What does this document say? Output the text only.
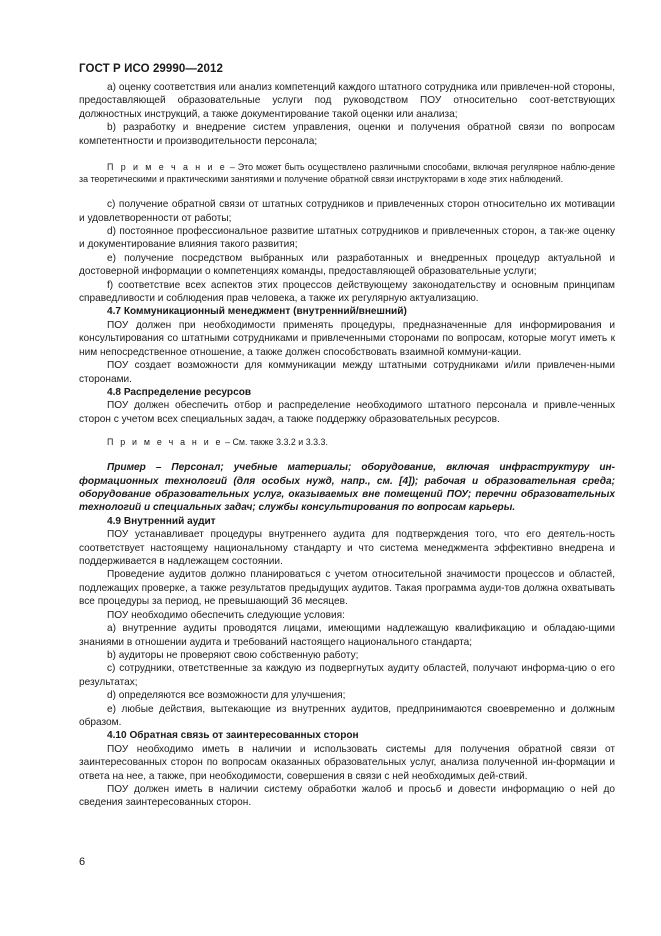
ГОСТ Р ИСО 29990—2012

a) оценку соответствия или анализ компетенций каждого штатного сотрудника или привлечен-ной стороны, предоставляющей образовательные услуги под руководством ПОУ относительно соот-ветствующих должностных инструкций, а также документирование такой оценки или анализа;

b) разработку и внедрение систем управления, оценки и получения обратной связи по вопросам компетентности и производительности персонала;

П р и м е ч а н и е – Это может быть осуществлено различными способами, включая регулярное наблю-дение за теоретическими и практическими занятиями и получение обратной связи инструкторами в ходе этих наблюдений.

c) получение обратной связи от штатных сотрудников и привлеченных сторон относительно их мотивации и удовлетворенности от работы;

d) постоянное профессиональное развитие штатных сотрудников и привлеченных сторон, а так-же оценку и документирование влияния такого развития;

e) получение посредством выбранных или разработанных и внедренных процедур актуальной и достоверной информации о компетенциях команды, предоставляющей образовательные услуги;

f) соответствие всех аспектов этих процессов действующему законодательству и основным принципам справедливости и соблюдения прав человека, а также их регулярную актуализацию.

4.7 Коммуникационный менеджмент (внутренний/внешний)

ПОУ должен при необходимости применять процедуры, предназначенные для информирования и консультирования со штатными сотрудниками и привлеченными сторонами по вопросам, которые могут иметь к ним непосредственное отношение, а также должен способствовать взаимной коммуни-кации.

ПОУ создает возможности для коммуникации между штатными сотрудниками и/или привлечен-ными сторонами.

4.8 Распределение ресурсов

ПОУ должен обеспечить отбор и распределение необходимого штатного персонала и привле-ченных сторон с учетом всех специальных задач, а также поддержку образовательных ресурсов.

П р и м е ч а н и е – См. также 3.3.2 и 3.3.3.

Пример – Персонал; учебные материалы; оборудование, включая инфраструктуру ин-формационных технологий (для особых нужд, напр., см. [4]); рабочая и образовательная среда; оборудование образовательных услуг, оказываемых вне помещений ПОУ; перечни образовательных технологий и специальных задач; службы консультирования по вопросам карьеры.

4.9 Внутренний аудит

ПОУ устанавливает процедуры внутреннего аудита для подтверждения того, что его деятель-ность соответствует настоящему национальному стандарту и что система менеджмента эффективно внедрена и поддерживается в надлежащем состоянии.

Проведение аудитов должно планироваться с учетом относительной значимости процессов и областей, подлежащих проверке, а также результатов предыдущих аудитов. Такая программа ауди-тов должна охватывать все процедуры за период, не превышающий 36 месяцев.

ПОУ необходимо обеспечить следующие условия:

a) внутренние аудиты проводятся лицами, имеющими надлежащую квалификацию и обладаю-щими знаниями в отношении аудита и требований настоящего национального стандарта;

b) аудиторы не проверяют свою собственную работу;

c) сотрудники, ответственные за каждую из подвергнутых аудиту областей, получают информа-цию о его результатах;

d) определяются все возможности для улучшения;

e) любые действия, вытекающие из внутренних аудитов, предпринимаются своевременно и должным образом.

4.10 Обратная связь от заинтересованных сторон

ПОУ необходимо иметь в наличии и использовать системы для получения обратной связи от заинтересованных сторон по вопросам оказанных образовательных услуг, анализа полученной ин-формации и ответа на нее, а также, при необходимости, совершения в связи с ней необходимых дей-ствий.

ПОУ должен иметь в наличии систему обработки жалоб и просьб и довести информацию о ней до сведения заинтересованных сторон.

6
